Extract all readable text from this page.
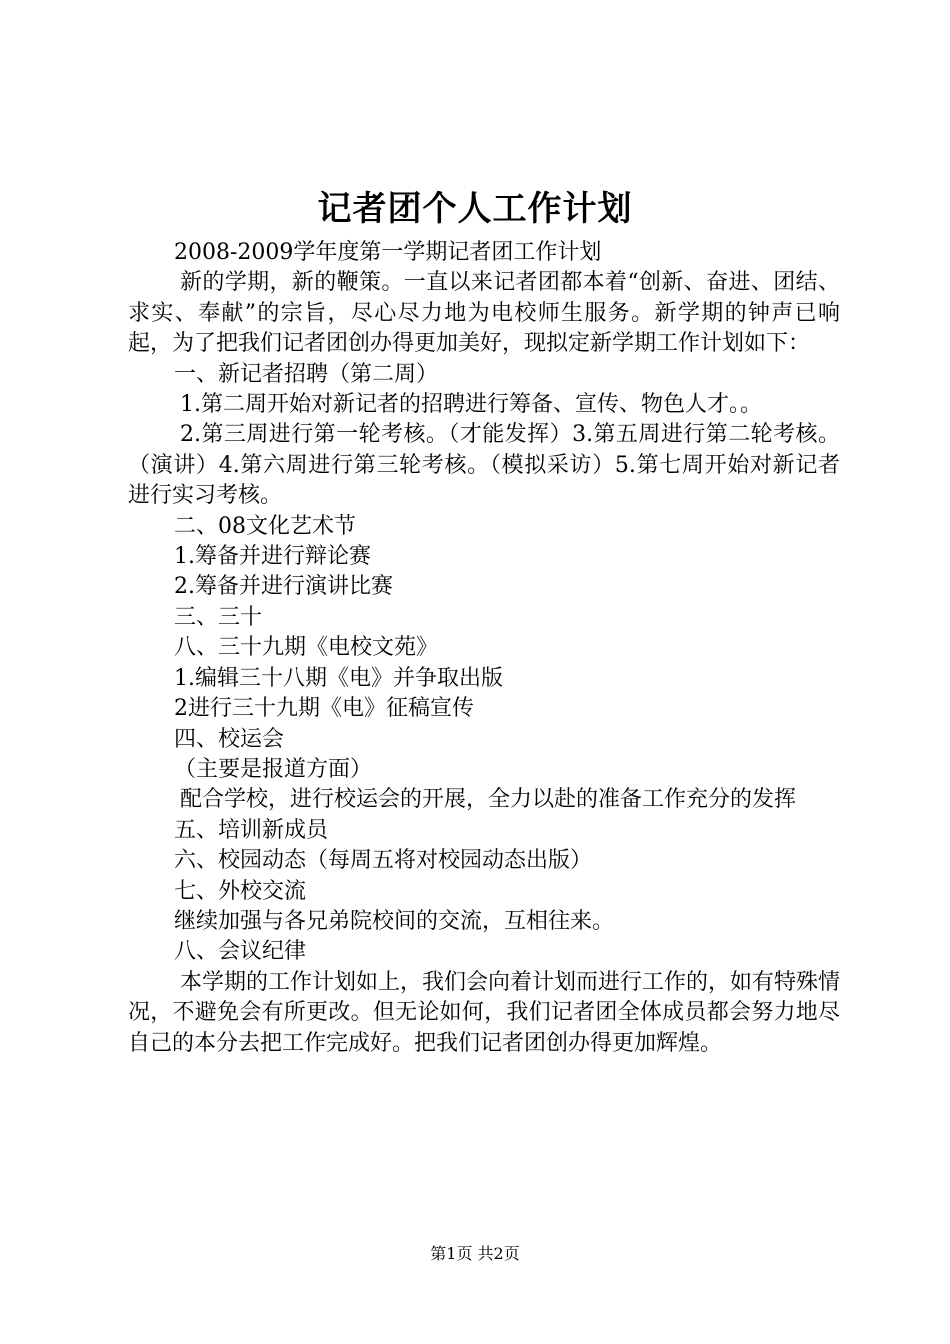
记者团个人工作计划

2008-2009学年度第一学期记者团工作计划

新的学期，新的鞭策。一直以来记者团都本着“创新、奋进、团结、求实、奉献”的宗旨，尽心尽力地为电校师生服务。新学期的钟声已响起，为了把我们记者团创办得更加美好，现拟定新学期工作计划如下：

一、新记者招聘（第二周）

1.第二周开始对新记者的招聘进行筹备、宣传、物色人才。。

2.第三周进行第一轮考核。（才能发挥）3.第五周进行第二轮考核。（演讲）4.第六周进行第三轮考核。（模拟采访）5.第七周开始对新记者进行实习考核。

二、08文化艺术节

1.筹备并进行辩论赛

2.筹备并进行演讲比赛

三、三十

八、三十九期《电校文苑》

1.编辑三十八期《电》并争取出版

2进行三十九期《电》征稿宣传

四、校运会

（主要是报道方面）

配合学校，进行校运会的开展，全力以赴的准备工作充分的发挥

五、培训新成员

六、校园动态（每周五将对校园动态出版）

七、外校交流

继续加强与各兄弟院校间的交流，互相往来。

八、会议纪律

本学期的工作计划如上，我们会向着计划而进行工作的，如有特殊情况，不避免会有所更改。但无论如何，我们记者团全体成员都会努力地尽自己的本分去把工作完成好。把我们记者团创办得更加辉煌。

第1页 共2页
